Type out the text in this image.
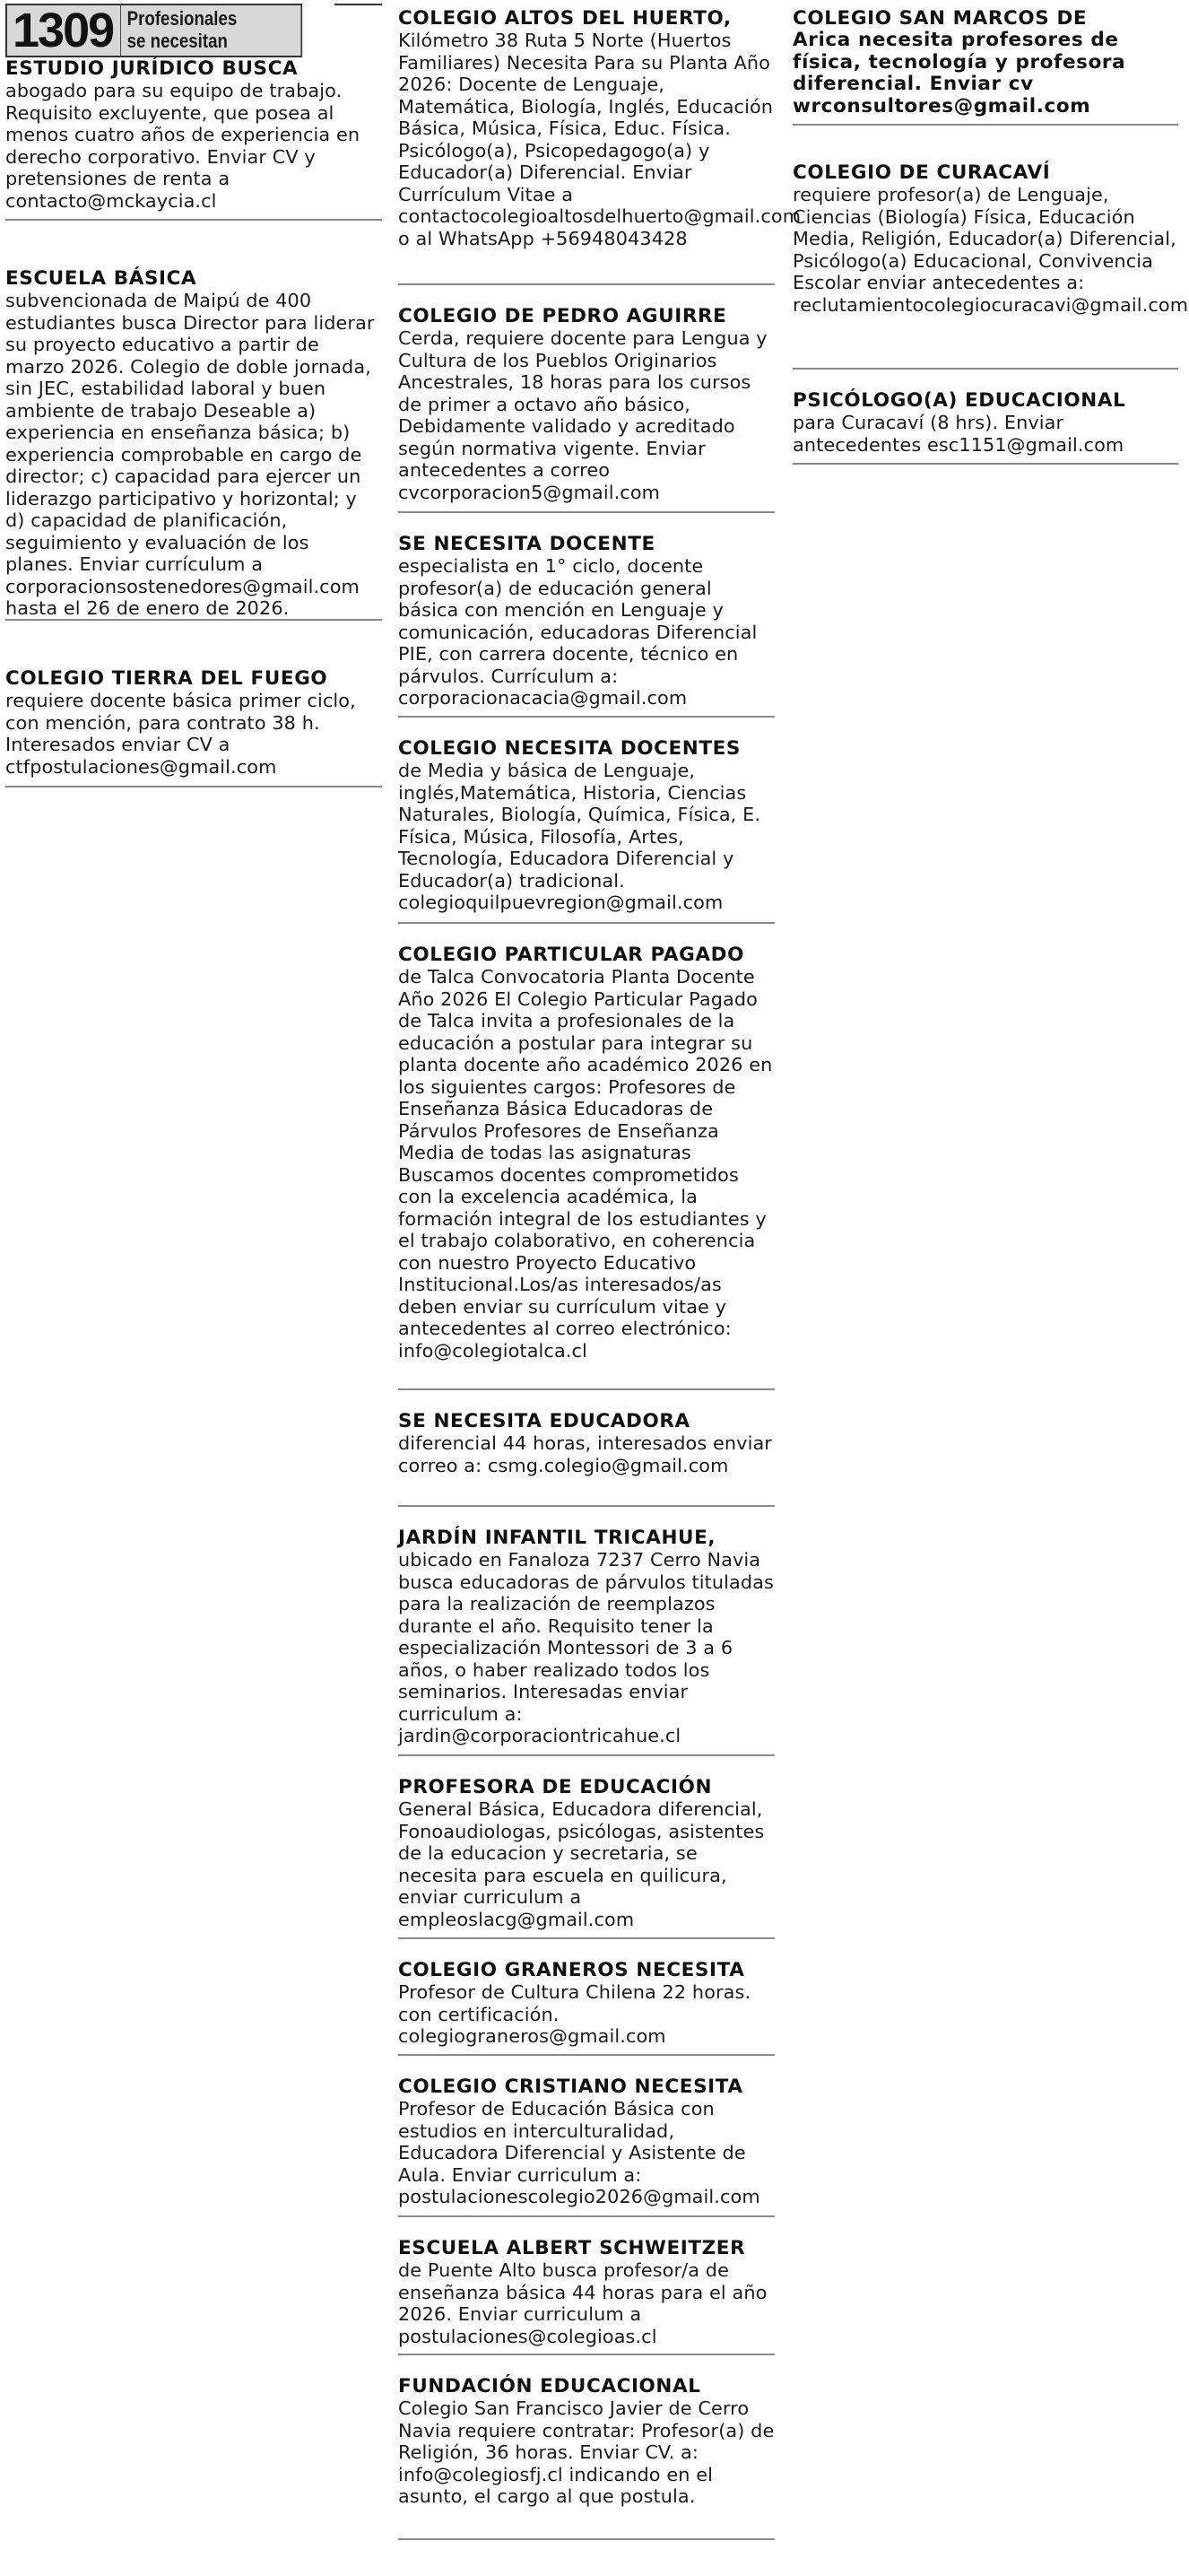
1309 Profesionales
se necesitan
ESTUDIO JURÍDICO BUSCA
abogado para su equipo de trabajo. Requisito excluyente, que posea al menos cuatro años de experiencia en derecho corporativo. Enviar CV y pretensiones de renta a contacto@mckaycia.cl
ESCUELA BÁSICA
subvencionada de Maipú de 400 estudiantes busca Director para liderar su proyecto educativo a partir de marzo 2026. Colegio de doble jornada, sin JEC, estabilidad laboral y buen ambiente de trabajo Deseable a) experiencia en enseñanza básica; b) experiencia comprobable en cargo de director; c) capacidad para ejercer un liderazgo participativo y horizontal; y d) capacidad de planificación, seguimiento y evaluación de los planes. Enviar currículum a corporacionsostenedores@gmail.com hasta el 26 de enero de 2026.
COLEGIO TIERRA DEL FUEGO
requiere docente básica primer ciclo, con mención, para contrato 38 h. Interesados enviar CV a ctfpostulaciones@gmail.com
COLEGIO ALTOS DEL HUERTO,
Kilómetro 38 Ruta 5 Norte (Huertos Familiares) Necesita Para su Planta Año 2026: Docente de Lenguaje, Matemática, Biología, Inglés, Educación Básica, Música, Física, Educ. Física. Psicólogo(a), Psicopedagogo(a) y Educador(a) Diferencial. Enviar Currículum Vitae a contactocolegioaltosdelhuerto@gmail.com o al WhatsApp +56948043428
COLEGIO DE PEDRO AGUIRRE
Cerda, requiere docente para Lengua y Cultura de los Pueblos Originarios Ancestrales, 18 horas para los cursos de primer a octavo año básico, Debidamente validado y acreditado según normativa vigente. Enviar antecedentes a correo cvcorporacion5@gmail.com
SE NECESITA DOCENTE
especialista en 1° ciclo, docente profesor(a) de educación general básica con mención en Lenguaje y comunicación, educadoras Diferencial PIE, con carrera docente, técnico en párvulos. Currículum a: corporacionacacia@gmail.com
COLEGIO NECESITA DOCENTES
de Media y básica de Lenguaje, inglés,Matemática, Historia, Ciencias Naturales, Biología, Química, Física, E. Física, Música, Filosofía, Artes, Tecnología, Educadora Diferencial y Educador(a) tradicional. colegioquilpuevregion@gmail.com
COLEGIO PARTICULAR PAGADO
de Talca Convocatoria Planta Docente Año 2026 El Colegio Particular Pagado de Talca invita a profesionales de la educación a postular para integrar su planta docente año académico 2026 en los siguientes cargos: Profesores de Enseñanza Básica Educadoras de Párvulos Profesores de Enseñanza Media de todas las asignaturas Buscamos docentes comprometidos con la excelencia académica, la formación integral de los estudiantes y el trabajo colaborativo, en coherencia con nuestro Proyecto Educativo Institucional.Los/as interesados/as deben enviar su currículum vitae y antecedentes al correo electrónico: info@colegiotalca.cl
SE NECESITA EDUCADORA
diferencial 44 horas, interesados enviar correo a: csmg.colegio@gmail.com
JARDÍN INFANTIL TRICAHUE,
ubicado en Fanaloza 7237 Cerro Navia busca educadoras de párvulos tituladas para la realización de reemplazos durante el año. Requisito tener la especialización Montessori de 3 a 6 años, o haber realizado todos los seminarios. Interesadas enviar curriculum a: jardin@corporaciontricahue.cl
PROFESORA DE EDUCACIÓN
General Básica, Educadora diferencial, Fonoaudiologas, psicólogas, asistentes de la educacion y secretaria, se necesita para escuela en quilicura, enviar curriculum a empleoslacg@gmail.com
COLEGIO GRANEROS NECESITA
Profesor de Cultura Chilena 22 horas. con certificación. colegiograneros@gmail.com
COLEGIO CRISTIANO NECESITA
Profesor de Educación Básica con estudios en interculturalidad, Educadora Diferencial y Asistente de Aula. Enviar curriculum a: postulacionescolegio2026@gmail.com
ESCUELA ALBERT SCHWEITZER
de Puente Alto busca profesor/a de enseñanza básica 44 horas para el año 2026. Enviar curriculum a postulaciones@colegioas.cl
FUNDACIÓN EDUCACIONAL
Colegio San Francisco Javier de Cerro Navia requiere contratar: Profesor(a) de Religión, 36 horas. Enviar CV. a: info@colegiosfj.cl indicando en el asunto, el cargo al que postula.
COLEGIO SAN MARCOS DE
Arica necesita profesores de física, tecnología y profesora diferencial. Enviar cv wrconsultores@gmail.com
COLEGIO DE CURACAVÍ
requiere profesor(a) de Lenguaje, Ciencias (Biología) Física, Educación Media, Religión, Educador(a) Diferencial, Psicólogo(a) Educacional, Convivencia Escolar enviar antecedentes a: reclutamientocolegiocuracavi@gmail.com
PSICÓLOGO(A) EDUCACIONAL
para Curacaví (8 hrs). Enviar antecedentes esc1151@gmail.com
